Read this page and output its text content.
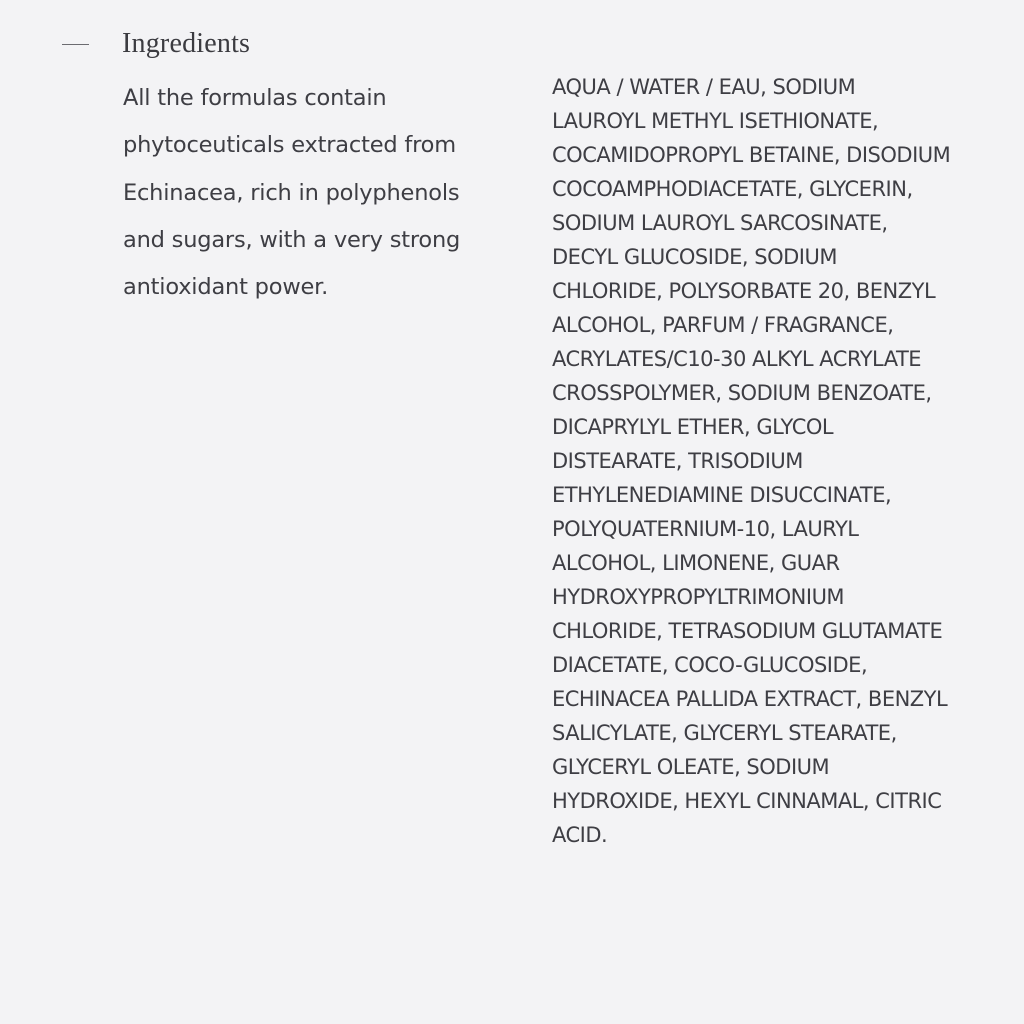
Ingredients

All the formulas contain phytoceuticals extracted from Echinacea, rich in polyphenols and sugars, with a very strong antioxidant power.

AQUA / WATER / EAU, SODIUM LAUROYL METHYL ISETHIONATE, COCAMIDOPROPYL BETAINE, DISODIUM COCOAMPHODIACETATE, GLYCERIN, SODIUM LAUROYL SARCOSINATE, DECYL GLUCOSIDE, SODIUM CHLORIDE, POLYSORBATE 20, BENZYL ALCOHOL, PARFUM / FRAGRANCE, ACRYLATES/C10-30 ALKYL ACRYLATE CROSSPOLYMER, SODIUM BENZOATE, DICAPRYLYL ETHER, GLYCOL DISTEARATE, TRISODIUM ETHYLENEDIAMINE DISUCCINATE, POLYQUATERNIUM-10, LAURYL ALCOHOL, LIMONENE, GUAR HYDROXYPROPYLTRIMONIUM CHLORIDE, TETRASODIUM GLUTAMATE DIACETATE, COCO-GLUCOSIDE, ECHINACEA PALLIDA EXTRACT, BENZYL SALICYLATE, GLYCERYL STEARATE, GLYCERYL OLEATE, SODIUM HYDROXIDE, HEXYL CINNAMAL, CITRIC ACID.
